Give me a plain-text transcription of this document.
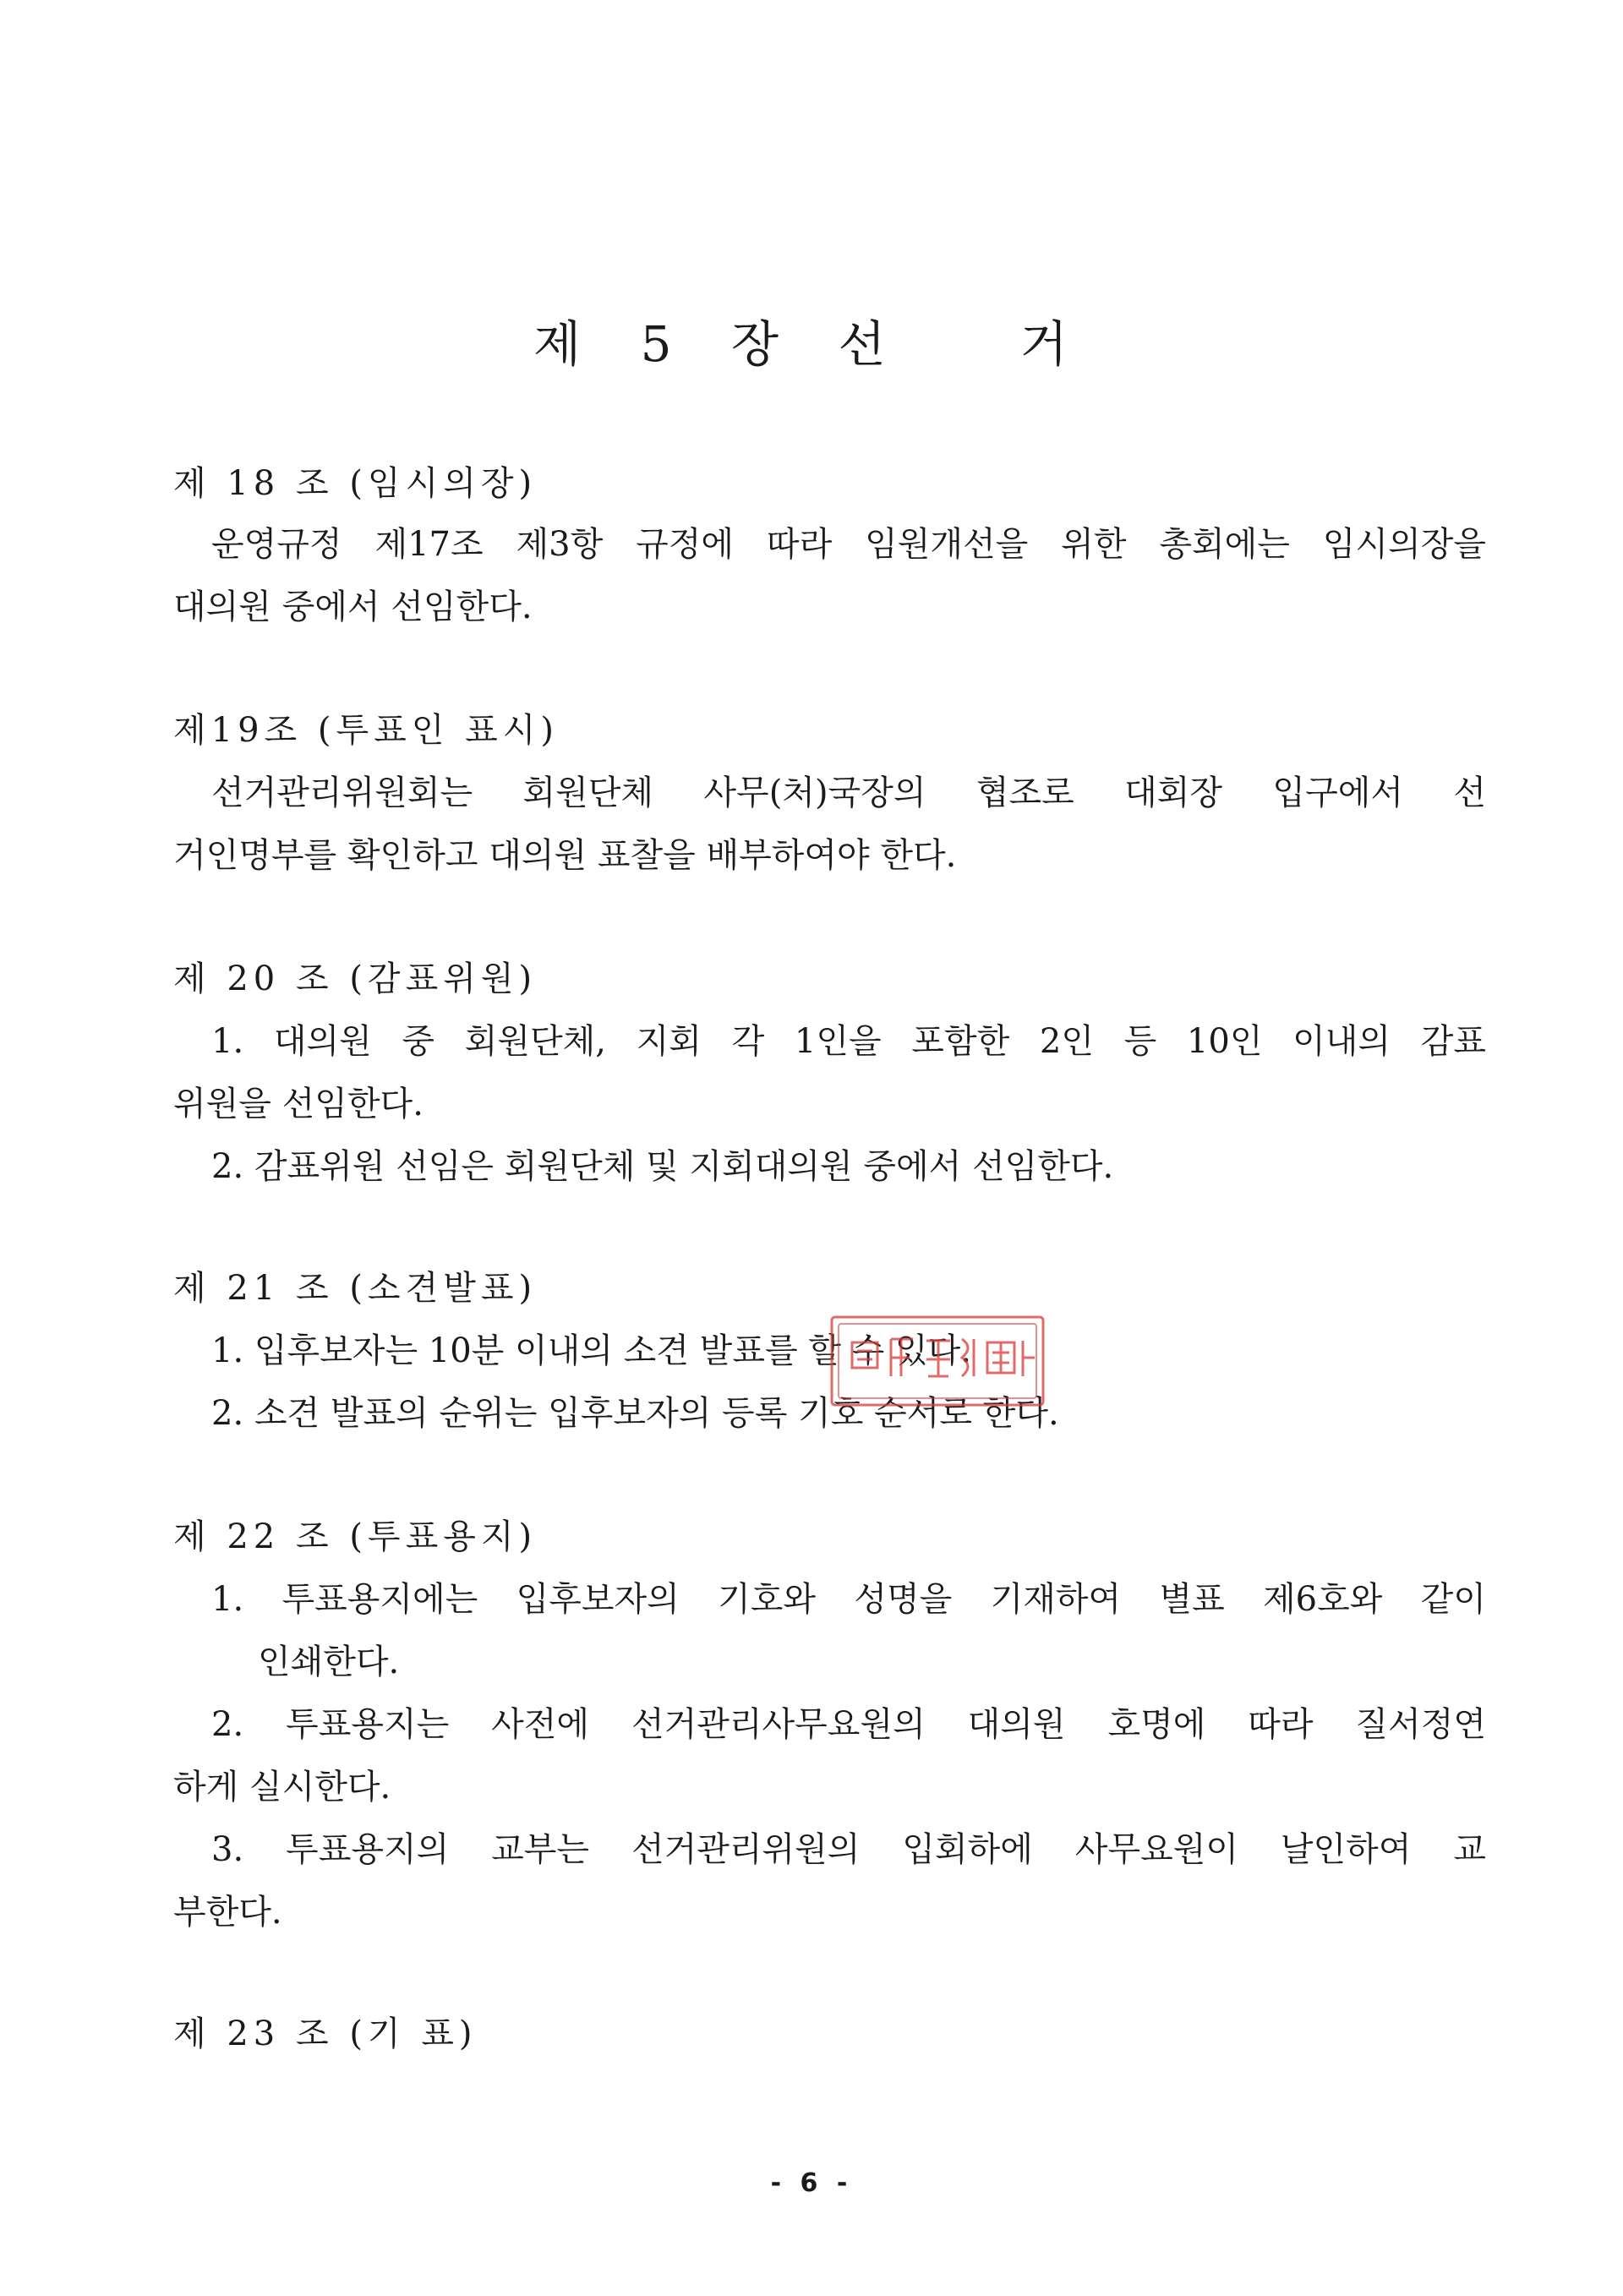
제 5 장 선   거
제 18 조 (임시의장)
운영규정 제17조 제3항 규정에 따라 임원개선을 위한 총회에는 임시의장을
대의원 중에서 선임한다.
제19조 (투표인 표시)
선거관리위원회는 회원단체 사무(처)국장의 협조로 대회장 입구에서 선
거인명부를 확인하고 대의원 표찰을 배부하여야 한다.
제 20 조 (감표위원)
1. 대의원 중 회원단체, 지회 각 1인을 포함한 2인 등 10인 이내의 감표
위원을 선임한다.
2. 감표위원 선임은 회원단체 및 지회대의원 중에서 선임한다.
제 21 조 (소견발표)
1. 입후보자는 10분 이내의 소견 발표를 할 수 있다.
2. 소견 발표의 순위는 입후보자의 등록 기호 순서로 한다.
제 22 조 (투표용지)
1. 투표용지에는 입후보자의 기호와 성명을 기재하여 별표 제6호와 같이
인쇄한다.
2. 투표용지는 사전에 선거관리사무요원의 대의원 호명에 따라 질서정연
하게 실시한다.
3. 투표용지의 교부는 선거관리위원의 입회하에 사무요원이 날인하여 교
부한다.
제 23 조 (기 표)
- 6 -
